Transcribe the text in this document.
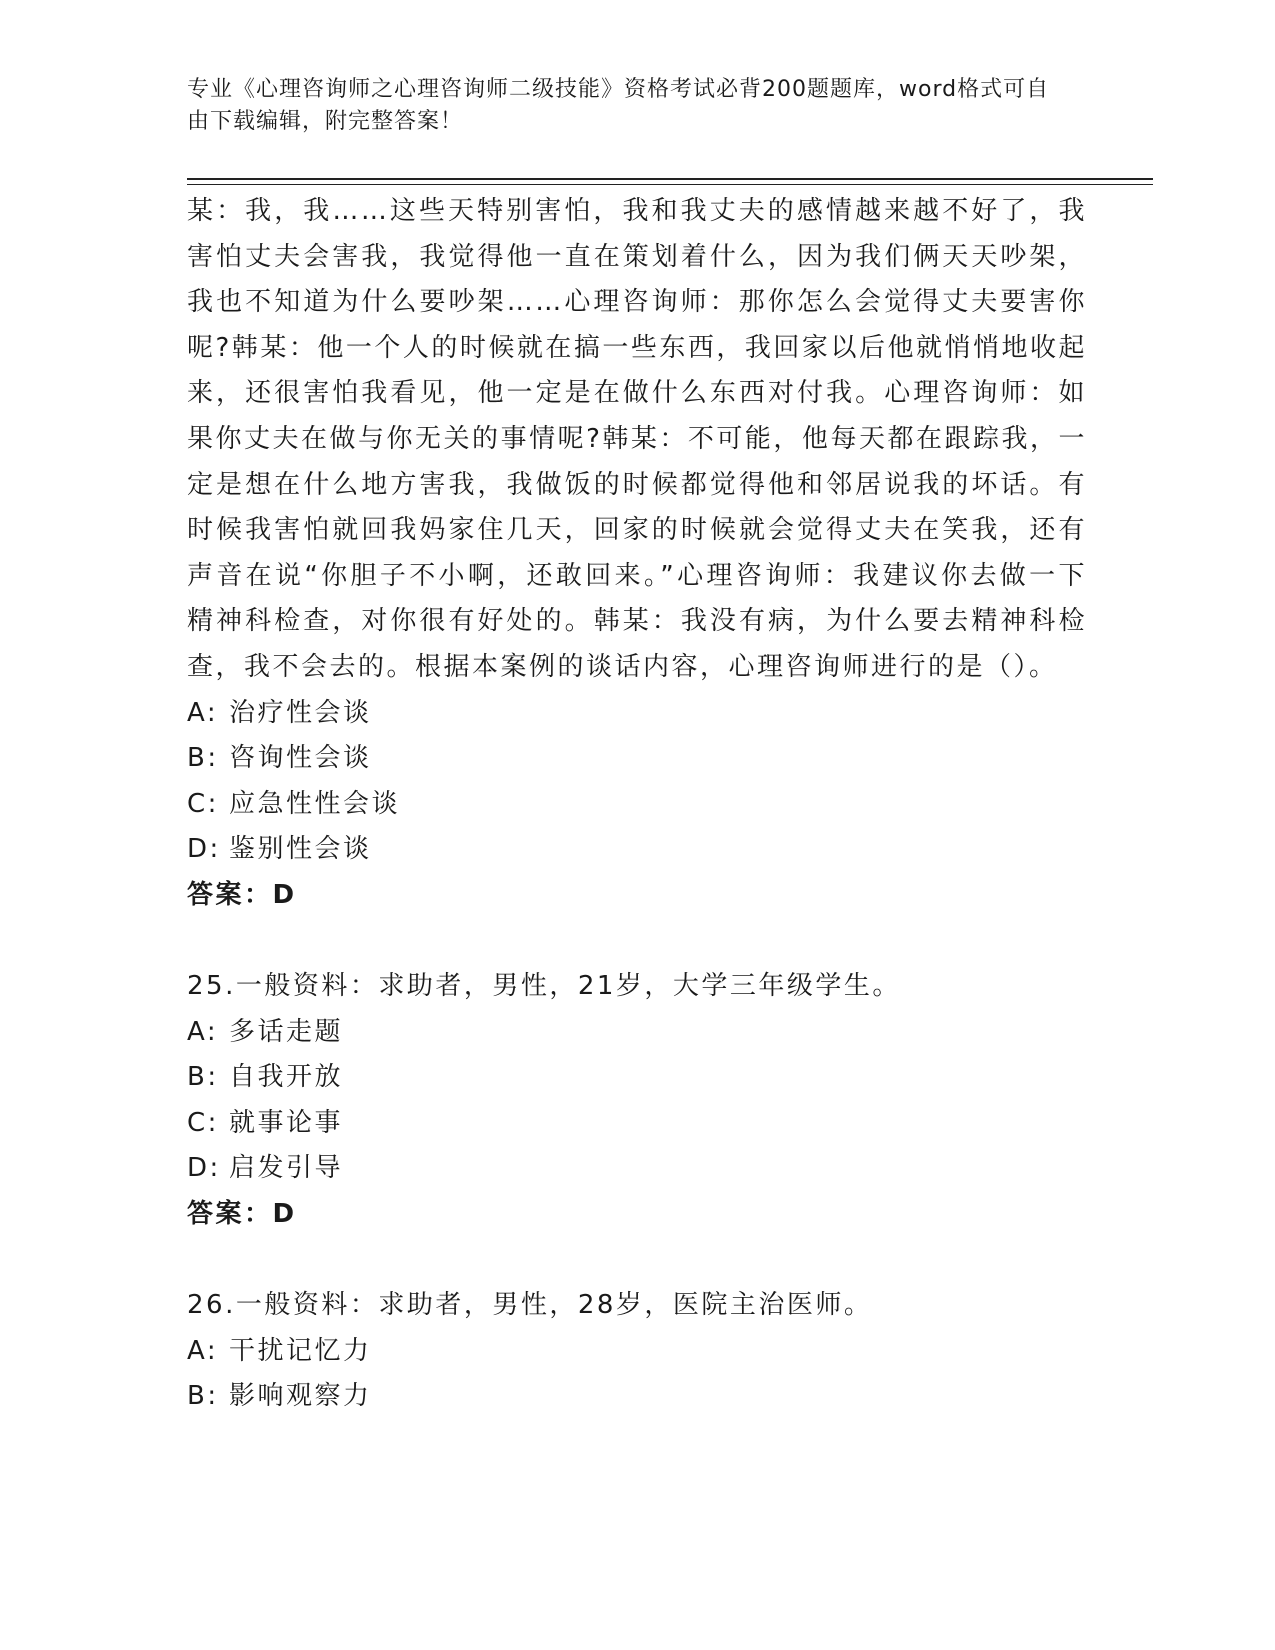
专业《心理咨询师之心理咨询师二级技能》资格考试必背200题题库，word格式可自由下载编辑，附完整答案！

某：我，我……这些天特别害怕，我和我丈夫的感情越来越不好了，我害怕丈夫会害我，我觉得他一直在策划着什么，因为我们俩天天吵架，我也不知道为什么要吵架……心理咨询师：那你怎么会觉得丈夫要害你呢?韩某：他一个人的时候就在搞一些东西，我回家以后他就悄悄地收起来，还很害怕我看见，他一定是在做什么东西对付我。心理咨询师：如果你丈夫在做与你无关的事情呢?韩某：不可能，他每天都在跟踪我，一定是想在什么地方害我，我做饭的时候都觉得他和邻居说我的坏话。有时候我害怕就回我妈家住几天，回家的时候就会觉得丈夫在笑我，还有声音在说“你胆子不小啊，还敢回来。”心理咨询师：我建议你去做一下精神科检查，对你很有好处的。韩某：我没有病，为什么要去精神科检查，我不会去的。根据本案例的谈话内容，心理咨询师进行的是（）。

A: 治疗性会谈

B: 咨询性会谈

C: 应急性性会谈

D: 鉴别性会谈

答案：D

25.一般资料：求助者，男性，21岁，大学三年级学生。

A: 多话走题

B: 自我开放

C: 就事论事

D: 启发引导

答案：D

26.一般资料：求助者，男性，28岁，医院主治医师。

A: 干扰记忆力

B: 影响观察力
